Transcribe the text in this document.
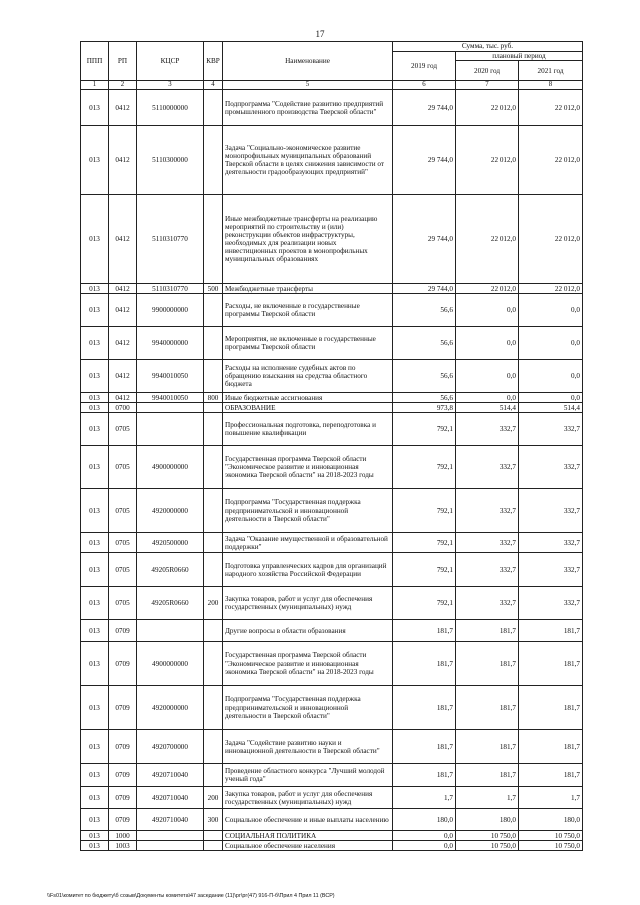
17
ППП	РП	КЦСР	КВР	Наименование	Сумма, тыс. руб.		
					2019 год	плановый период	
						2020 год	2021 год
1	2	3	4	5	6	7	8
013	0412	5110000000		Подпрограмма "Содействие развитию предприятий промышленного производства Тверской области"	29 744,0	22 012,0	22 012,0
013	0412	5110300000		Задача "Социально-экономическое развитие монопрофильных муниципальных образований Тверской области в целях снижения зависимости от деятельности градообразующих предприятий"	29 744,0	22 012,0	22 012,0
013	0412	5110310770		Иные межбюджетные трансферты на реализацию мероприятий по строительству и (или) реконструкции объектов инфраструктуры, необходимых для реализации новых инвестиционных проектов в монопрофильных муниципальных образованиях	29 744,0	22 012,0	22 012,0
013	0412	5110310770	500	Межбюджетные трансферты	29 744,0	22 012,0	22 012,0
013	0412	9900000000		Расходы, не включенные в государственные программы Тверской области	56,6	0,0	0,0
013	0412	9940000000		Мероприятия, не включенные в государственные программы Тверской области	56,6	0,0	0,0
013	0412	9940010050		Расходы на исполнение судебных актов по обращению взыскания на средства областного бюджета	56,6	0,0	0,0
013	0412	9940010050	800	Иные бюджетные ассигнования	56,6	0,0	0,0
013	0700			ОБРАЗОВАНИЕ	973,8	514,4	514,4
013	0705			Профессиональная подготовка, переподготовка и повышение квалификации	792,1	332,7	332,7
013	0705	4900000000		Государственная программа Тверской области "Экономическое развитие и инновационная экономика Тверской области" на 2018-2023 годы	792,1	332,7	332,7
013	0705	4920000000		Подпрограмма "Государственная поддержка предпринимательской и инновационной деятельности в Тверской области"	792,1	332,7	332,7
013	0705	4920500000		Задача "Оказание имущественной и образовательной поддержки"	792,1	332,7	332,7
013	0705	49205R0660		Подготовка управленческих кадров для организаций народного хозяйства Российской Федерации	792,1	332,7	332,7
013	0705	49205R0660	200	Закупка товаров, работ и услуг для обеспечения государственных (муниципальных) нужд	792,1	332,7	332,7
013	0709			Другие вопросы в области образования	181,7	181,7	181,7
013	0709	4900000000		Государственная программа Тверской области "Экономическое развитие и инновационная экономика Тверской области" на 2018-2023 годы	181,7	181,7	181,7
013	0709	4920000000		Подпрограмма "Государственная поддержка предпринимательской и инновационной деятельности в Тверской области"	181,7	181,7	181,7
013	0709	4920700000		Задача "Содействие развитию науки и инновационной деятельности в Тверской области"	181,7	181,7	181,7
013	0709	4920710040		Проведение областного конкурса "Лучший молодой ученый года"	181,7	181,7	181,7
013	0709	4920710040	200	Закупка товаров, работ и услуг для обеспечения государственных (муниципальных) нужд	1,7	1,7	1,7
013	0709	4920710040	300	Социальное обеспечение и иные выплаты населению	180,0	180,0	180,0
013	1000			СОЦИАЛЬНАЯ ПОЛИТИКА	0,0	10 750,0	10 750,0
013	1003			Социальное обеспечение населения	0,0	10 750,0	10 750,0
\\Fs01\комитет по бюджету\б созыв\Документы комитета\47 заседание (11)\рг\рг(47) 916-П-б\Прил 4 Прил 11 (ВСР)
